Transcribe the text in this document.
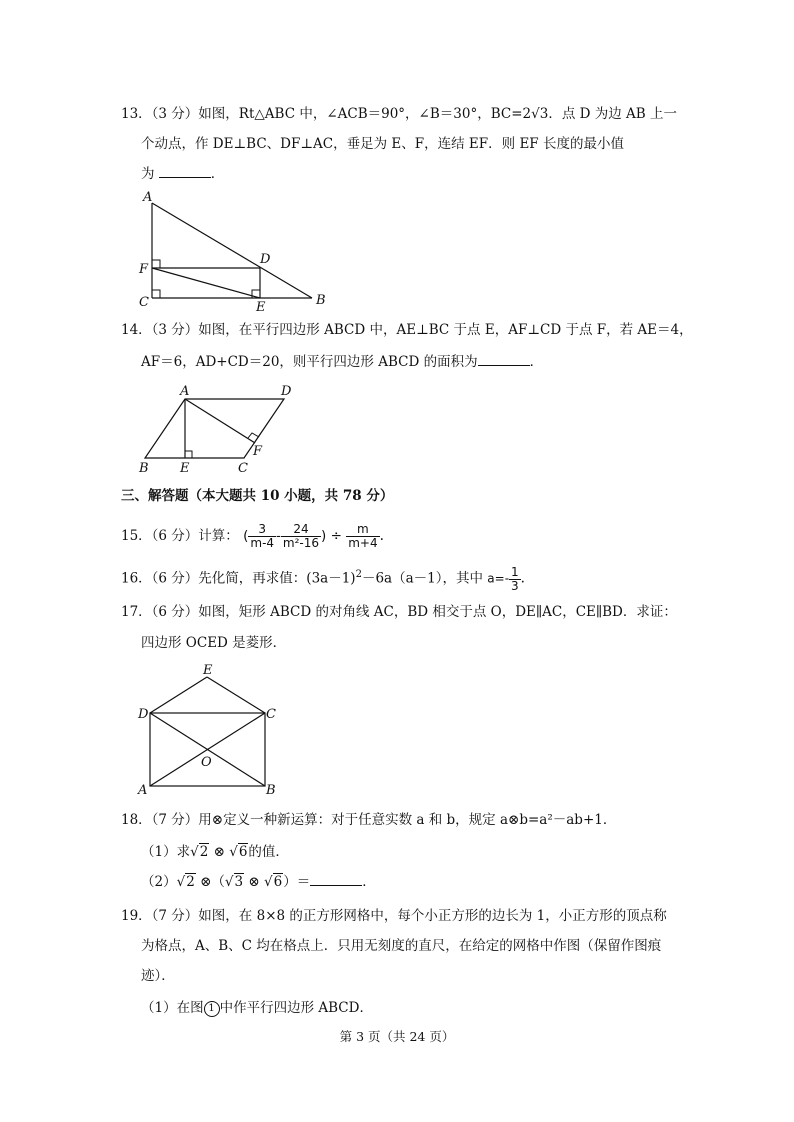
13．（3 分）如图，Rt△ABC 中，∠ACB＝90°，∠B＝30°，BC=2√3．点 D 为边 AB 上一
个动点，作 DE⊥BC、DF⊥AC，垂足为 E、F，连结 EF．则 EF 长度的最小值
为	．
A
F
C
D
E	B
14．（3 分）如图，在平行四边形 ABCD 中，AE⊥BC 于点 E，AF⊥CD 于点 F，若 AE＝4，
AF＝6，AD+CD＝20，则平行四边形 ABCD 的面积为	．
A	D
B E	C
F
三、解答题（本大题共 10 小题，共 78 分）
15．（6 分）计算： ( $\frac{3}{m-4} - \frac{24}{\text{m²-16}}$ ) ÷ $\frac{m}{m+4}$ .
16．（6 分）先化简，再求值：$(3a-1)^2-6a(a-1)$，其中 $a=- \frac{1}{3}$ .
17．（6 分）如图，矩形 ABCD 的对角线 AC，BD 相交于点 O，DE∥AC，CE∥BD．求证：
四边形 OCED 是菱形．
E
D	C
O
A	B
18．（7 分）用⊗定义一种新运算：对于任意实数 a 和 b，规定 a⊗b=a²－ab+1．
（1）求√2 ⊗ √6的值．
（2）√2 ⊗（√3 ⊗ √6）＝	．
19．（7 分）如图，在 8×8 的正方形网格中，每个小正方形的边长为 1，小正方形的顶点称
为格点，A、B、C 均在格点上．只用无刻度的直尺，在给定的网格中作图（保留作图痕
迹）．
（1）在图 1 中作平行四边形 ABCD．
第 3 页（共 24 页）
